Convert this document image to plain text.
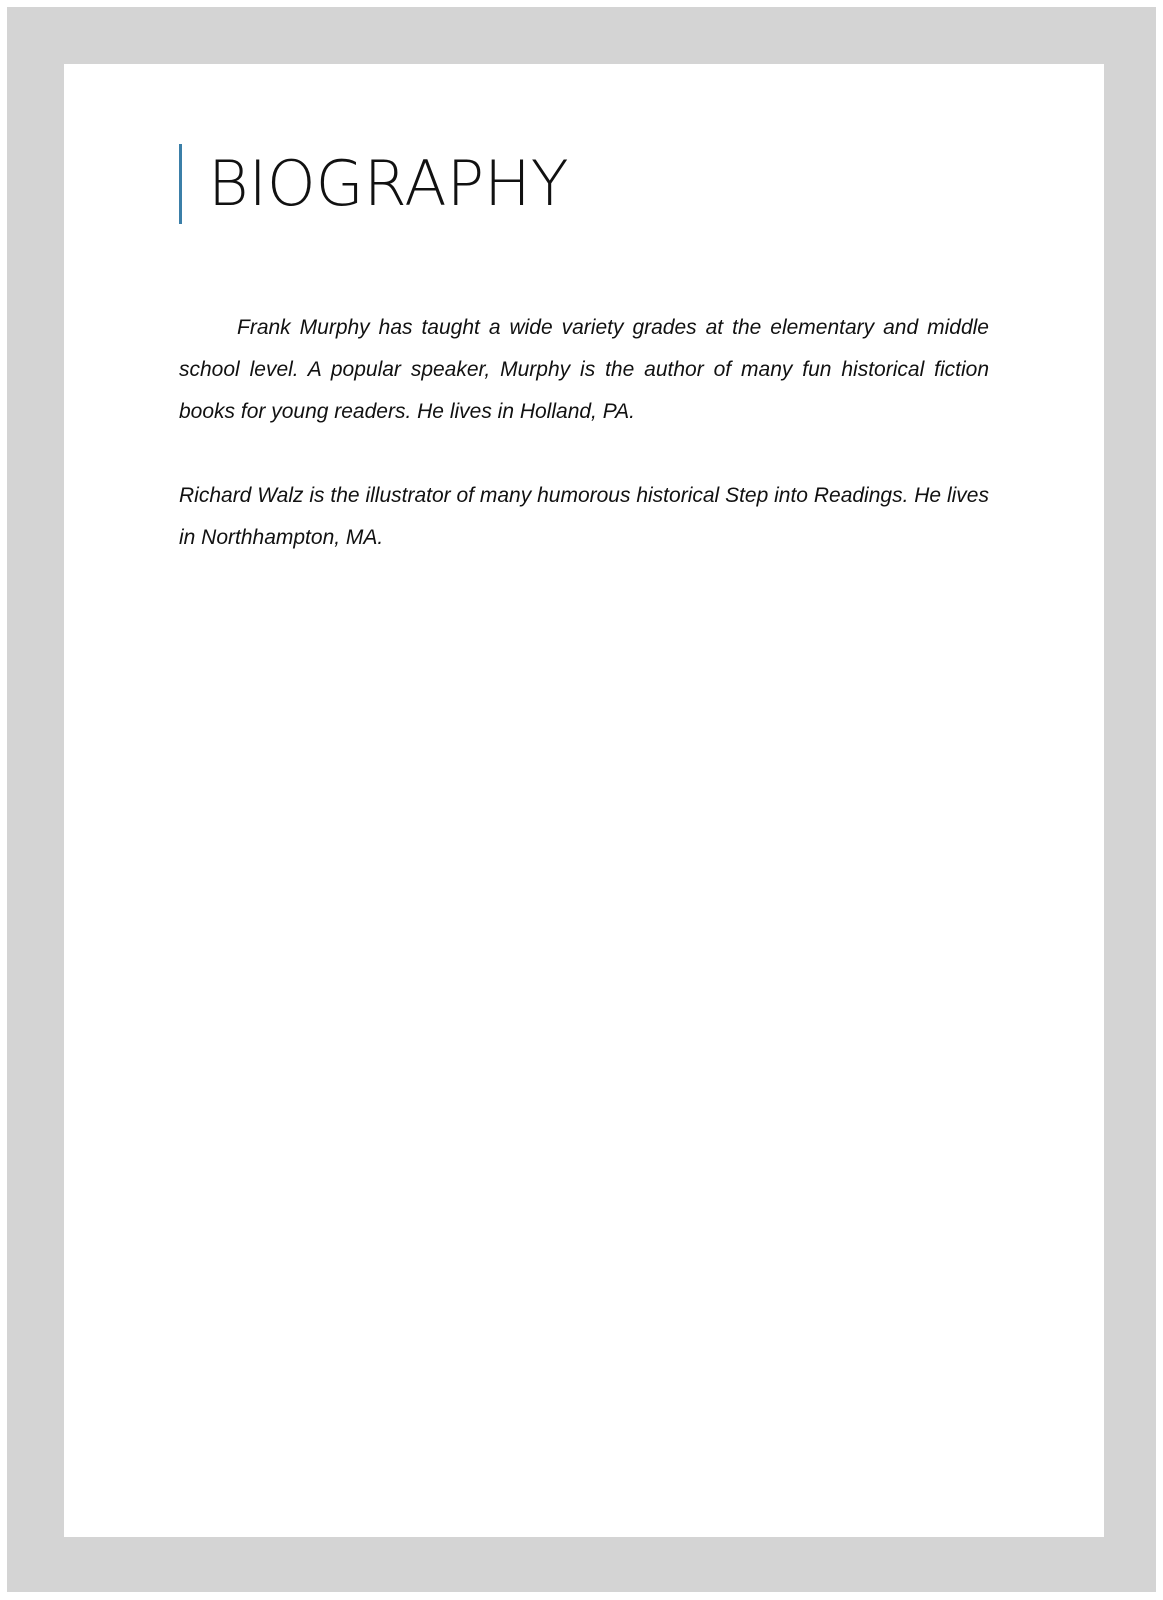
BIOGRAPHY

Frank Murphy has taught a wide variety grades at the elementary and middle school level. A popular speaker, Murphy is the author of many fun historical fiction books for young readers. He lives in Holland, PA.

Richard Walz is the illustrator of many humorous historical Step into Readings. He lives in Northhampton, MA.
